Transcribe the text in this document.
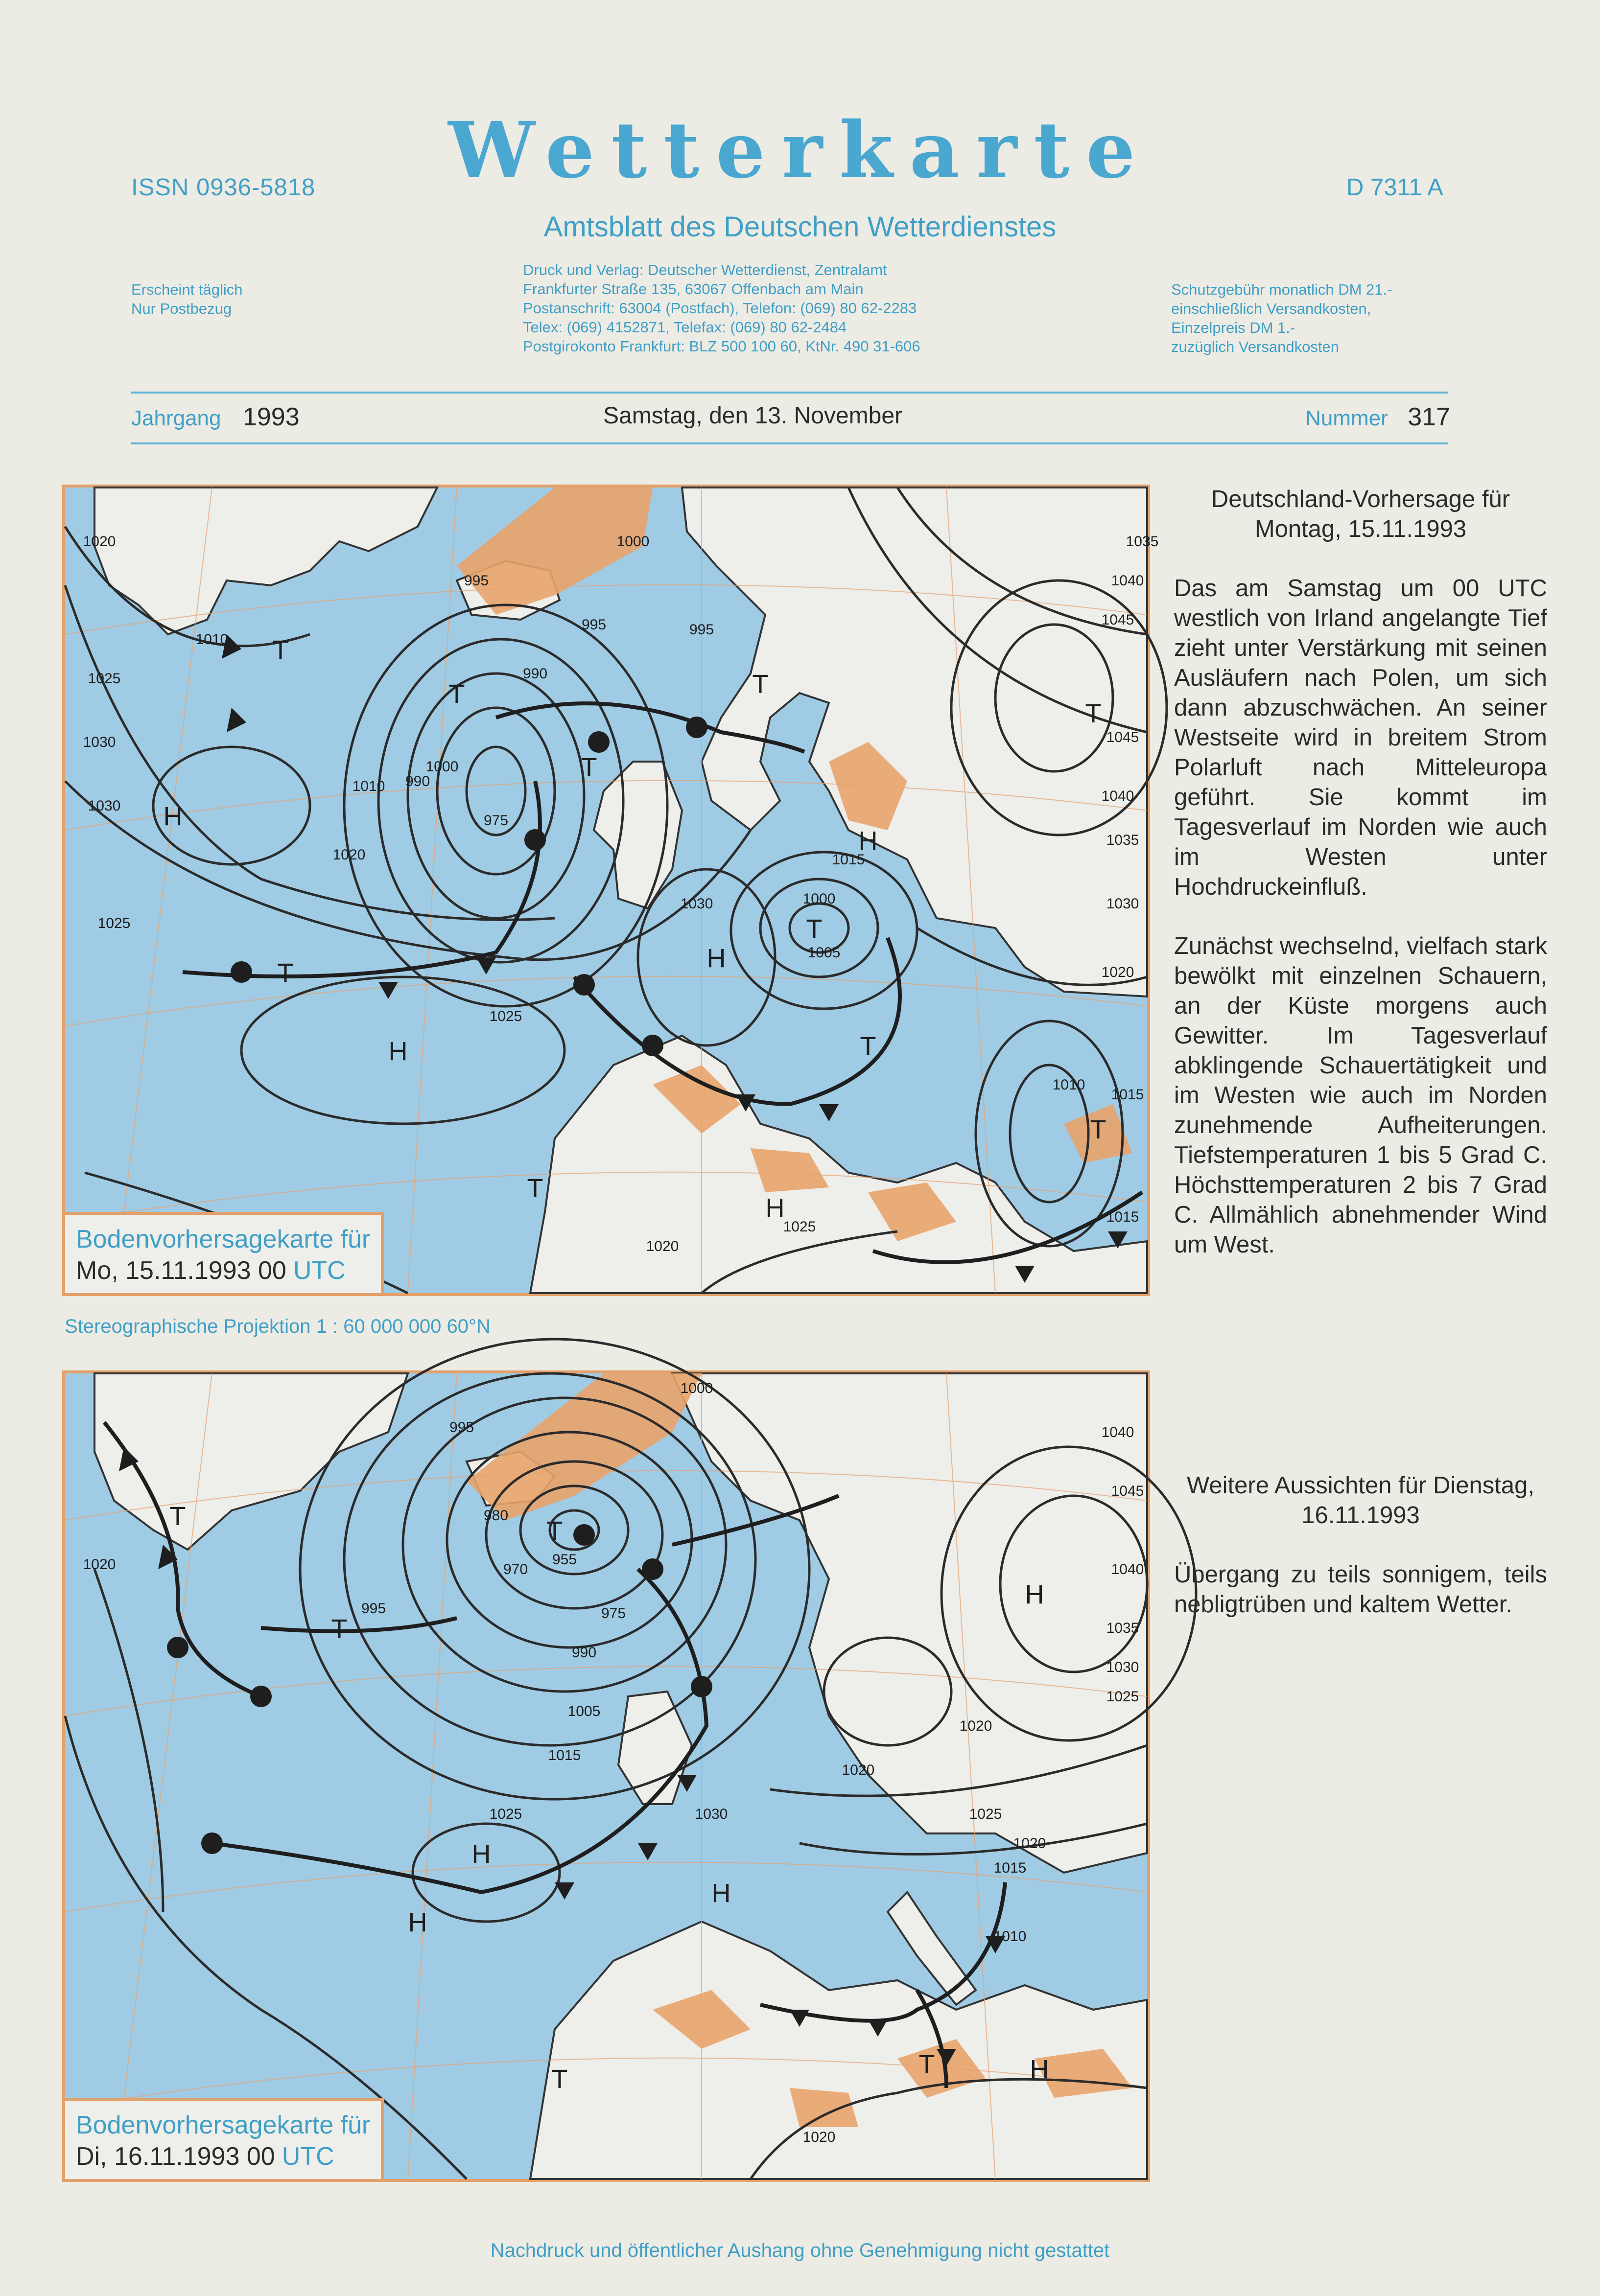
ISSN 0936-5818	Wetterkarte	D 7311 A
Amtsblatt des Deutschen Wetterdienstes
Erscheint täglich
Nur Postbezug
Druck und Verlag: Deutscher Wetterdienst, Zentralamt
Frankfurter Straße 135, 63067 Offenbach am Main
Postanschrift: 63004 (Postfach), Telefon: (069) 80 62-2283
Telex: (069) 4152871, Telefax: (069) 80 62-2484
Postgirokonto Frankfurt: BLZ 500 100 60, KtNr. 490 31-606
Schutzgebühr monatlich DM 21.-
einschließlich Versandkosten,
Einzelpreis DM 1.-
zuzüglich Versandkosten
Jahrgang 1993	Samstag, den 13. November	Nummer 317
1020
1010
1025
1030
1030
1025
995
1000
995
990
995
1000
990
975
1010
1020
1025
1015
1000
1005
1030
1035
1040
1045
1045
1040
1035
1030
1020
1010
1015
1015
1025
1020
H
T
T
T
T
T
H
T
H
T
T
H
T
H
T
Bodenvorhersagekarte für
Mo, 15.11.1993 00 UTC
Stereographische Projektion 1 : 60 000 000 60°N
1020
995
1000
980
970
955
975
990
995
1005
1015
1025	1030
1020
1025
1015
1010
1020
1020
1025
1030
1035
1040
1045
1040
1020
T	T
T
H
H
H
H
T
T	H
Bodenvorhersagekarte für
Di, 16.11.1993 00 UTC
Deutschland-Vorhersage für Montag, 15.11.1993

Das am Samstag um 00 UTC westlich von Irland angelangte Tief zieht unter Verstärkung mit seinen Ausläufern nach Polen, um sich dann abzuschwächen. An seiner Westseite wird in breitem Strom Polarluft nach Mitteleuropa geführt. Sie kommt im Tagesverlauf im Norden wie auch im Westen unter Hochdruckeinfluß.

Zunächst wechselnd, vielfach stark bewölkt mit einzelnen Schauern, an der Küste morgens auch Gewitter. Im Tagesverlauf abklingende Schauertätigkeit und im Westen wie auch im Norden zunehmende Aufheiterungen. Tiefstemperaturen 1 bis 5 Grad C. Höchsttemperaturen 2 bis 7 Grad C. Allmählich abnehmender Wind um West.

Weitere Aussichten für Dienstag, 16.11.1993

Übergang zu teils sonnigem, teils nebligtrüben und kaltem Wetter.

Nachdruck und öffentlicher Aushang ohne Genehmigung nicht gestattet
